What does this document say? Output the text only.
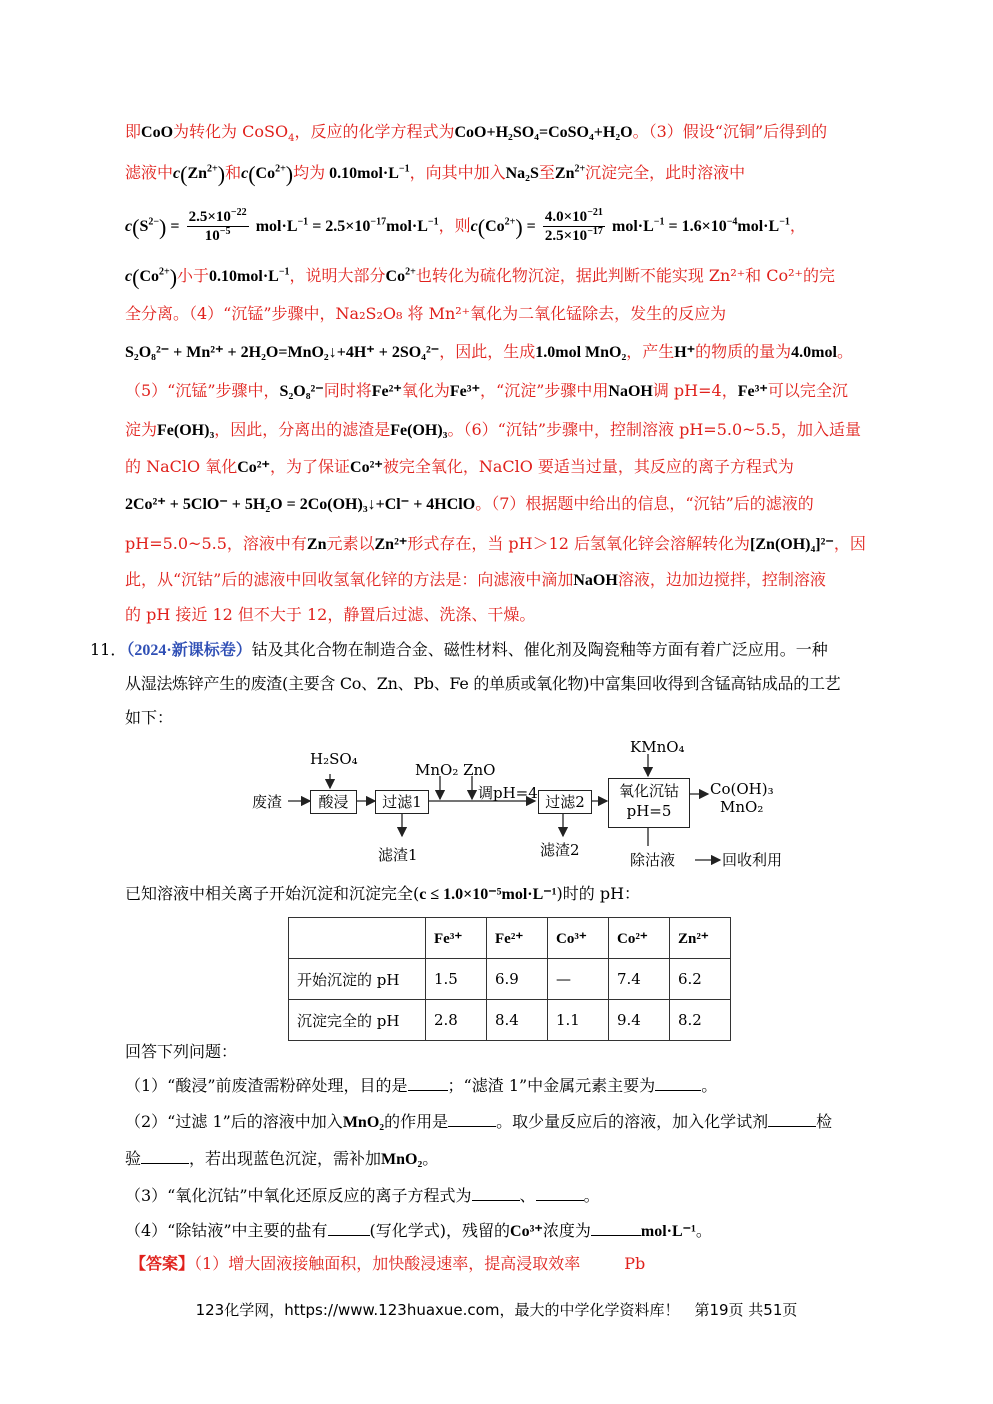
即CoO为转化为 CoSO$_4$，反应的化学方程式为CoO+H₂SO₄=CoSO₄+H₂O。（3）假设“沉铜”后得到的
滤液中$c(Zn^{2+})$和$c(Co^{2+})$均为 $0.10mol\cdot L^{-1}$，向其中加入Na₂S至$Zn^{2+}$沉淀完全，此时溶液中
$c(S^{2-}) = \frac{2.5\times 10^{-22}}{10^{-5}} mol\cdot L^{-1} = 2.5\times 10^{-17}mol\cdot L^{-1}$，则$c(Co^{2+}) = \frac{4.0\times 10^{-21}}{2.5\times 10^{-17}} mol\cdot L^{-1} = 1.6\times 10^{-4}mol\cdot L^{-1}$，
$c(Co^{2+})$小于$0.10mol\cdot L^{-1}$，说明大部分$Co^{2+}$也转化为硫化物沉淀，据此判断不能实现 Zn²⁺和 Co²⁺的完
全分离。（4）“沉锰”步骤中，Na₂S₂O₈ 将 Mn²⁺氧化为二氧化锰除去，发生的反应为
S₂O₈²⁻ + Mn²⁺ + 2H₂O=MnO₂↓+4H⁺ + 2SO₄²⁻，因此，生成1.0mol MnO₂，产生H⁺的物质的量为4.0mol。
（5）“沉锰”步骤中，S₂O₈²⁻同时将Fe²⁺氧化为Fe³⁺，“沉淀”步骤中用NaOH调 pH=4，Fe³⁺可以完全沉
淀为Fe(OH)₃，因此，分离出的滤渣是Fe(OH)₃。（6）“沉钴”步骤中，控制溶液 pH=5.0~5.5，加入适量
的 NaClO 氧化Co²⁺，为了保证Co²⁺被完全氧化，NaClO 要适当过量，其反应的离子方程式为
2Co²⁺ + 5ClO⁻ + 5H₂O = 2Co(OH)₃↓+Cl⁻ + 4HClO。（7）根据题中给出的信息，“沉钴”后的滤液的
pH=5.0~5.5，溶液中有Zn元素以Zn²⁺形式存在，当 pH＞12 后氢氧化锌会溶解转化为[Zn(OH)₄]²⁻，因
此，从“沉钴”后的滤液中回收氢氧化锌的方法是：向滤液中滴加NaOH溶液，边加边搅拌，控制溶液
的 pH 接近 12 但不大于 12，静置后过滤、洗涤、干燥。
11．（2024·新课标卷）钴及其化合物在制造合金、磁性材料、催化剂及陶瓷釉等方面有着广泛应用。一种
从湿法炼锌产生的废渣(主要含 Co、Zn、Pb、Fe 的单质或氧化物)中富集回收得到含锰高钴成品的工艺
如下：
废渣
H₂SO₄
酸浸	过滤1
滤渣1
MnO₂ ZnO
调pH=4 过滤2
滤渣2
KMnO₄
氧化沉钴
pH=5
Co(OH)₃
MnO₂
除沽液	回收利用
已知溶液中相关离子开始沉淀和沉淀完全(c ≤ 1.0×10⁻⁵mol·L⁻¹)时的 pH：
	Fe³⁺	Fe²⁺	Co³⁺	Co²⁺	Zn²⁺
开始沉淀的 pH	1.5	6.9	—	7.4	6.2
沉淀完全的 pH	2.8	8.4	1.1	9.4	8.2
回答下列问题：
（1）“酸浸”前废渣需粉碎处理，目的是	；“滤渣 1”中金属元素主要为	。
（2）“过滤 1”后的溶液中加入MnO₂的作用是	。取少量反应后的溶液，加入化学试剂	检
验	，若出现蓝色沉淀，需补加MnO₂。
（3）“氧化沉钴”中氧化还原反应的离子方程式为	、	。
（4）“除钴液”中主要的盐有	(写化学式)，残留的Co³⁺浓度为	mol·L⁻¹。
【答案】（1）增大固液接触面积，加快酸浸速率，提高浸取效率	Pb
123化学网，https://www.123huaxue.com，最大的中学化学资料库！　第19页 共51页
